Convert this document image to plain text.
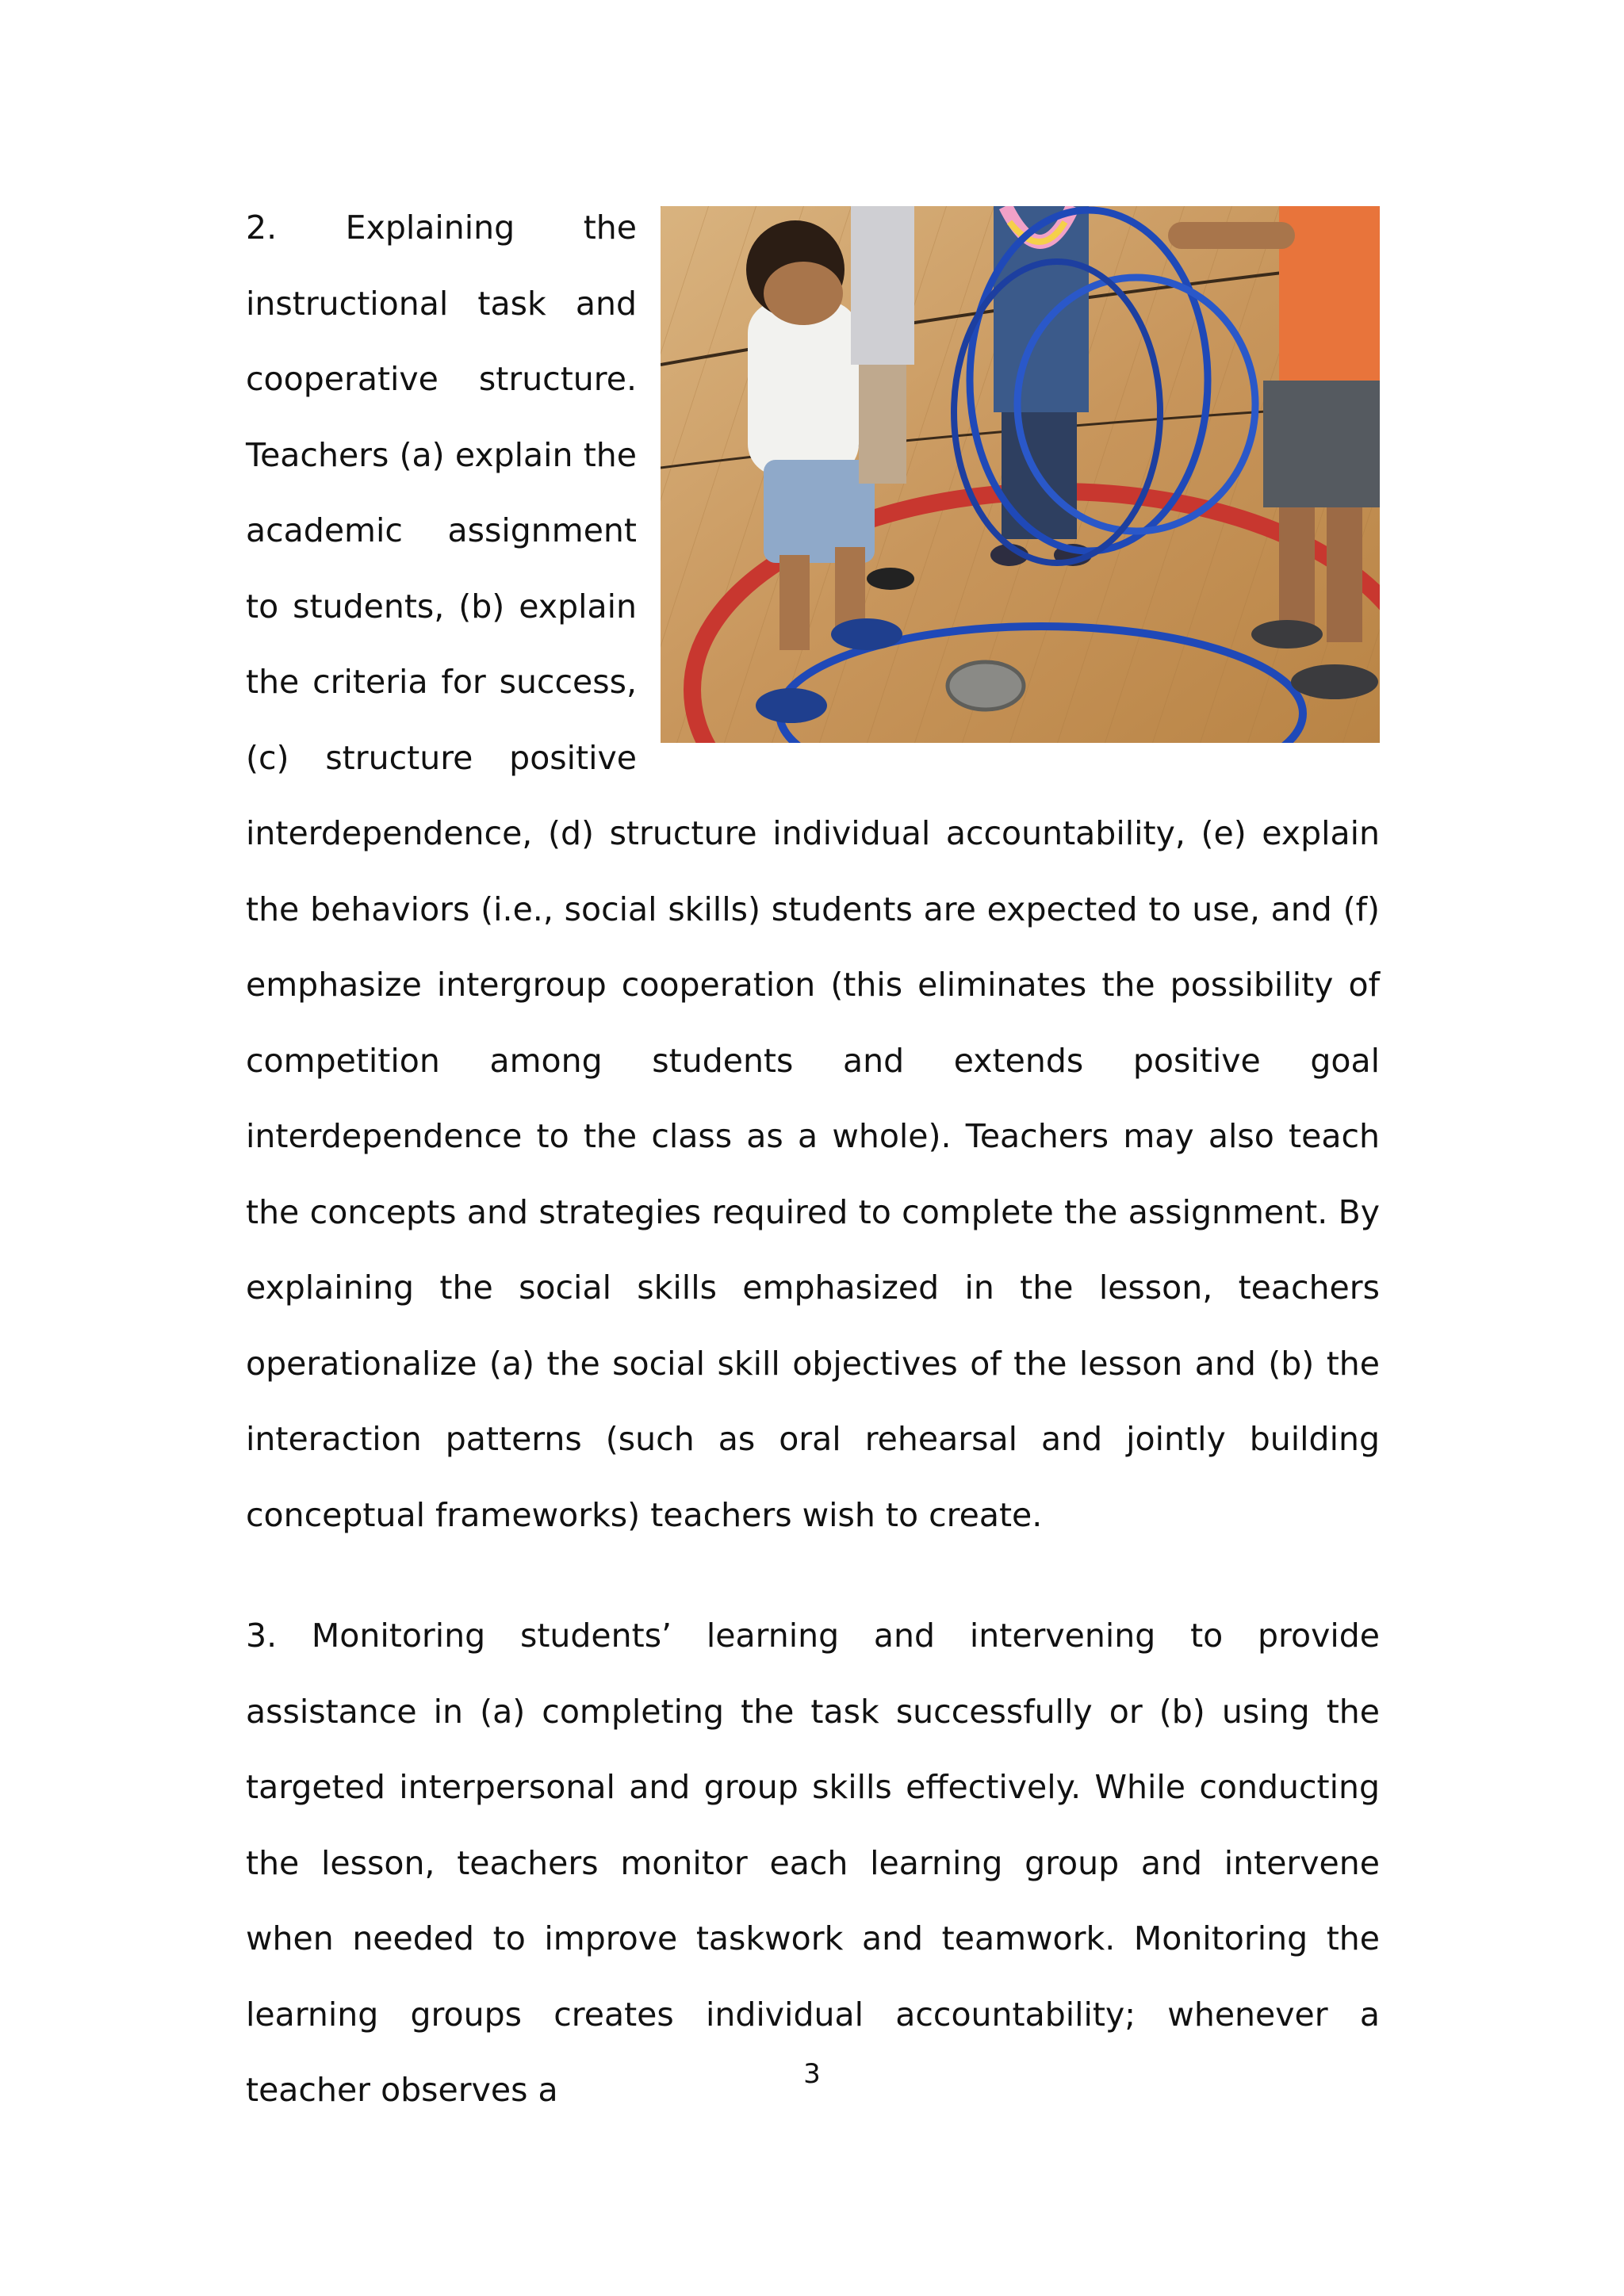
2. Explaining the instructional task and cooperative structure. Teachers (a) explain the academic assignment to students, (b) explain the criteria for success, (c) structure positive interdependence, (d) structure individual accountability, (e) explain the behaviors (i.e., social skills) students are expected to use, and (f) emphasize intergroup cooperation (this eliminates the possibility of competition among students and extends positive goal interdependence to the class as a whole). Teachers may also teach the concepts and strategies required to complete the assignment. By explaining the social skills emphasized in the lesson, teachers operationalize (a) the social skill objectives of the lesson and (b) the interaction patterns (such as oral rehearsal and jointly building conceptual frameworks) teachers wish to create.

3. Monitoring students’ learning and intervening to provide assistance in (a) completing the task successfully or (b) using the targeted interpersonal and group skills effectively. While conducting the lesson, teachers monitor each learning group and intervene when needed to improve taskwork and teamwork. Monitoring the learning groups creates individual accountability; whenever a teacher observes a	3
